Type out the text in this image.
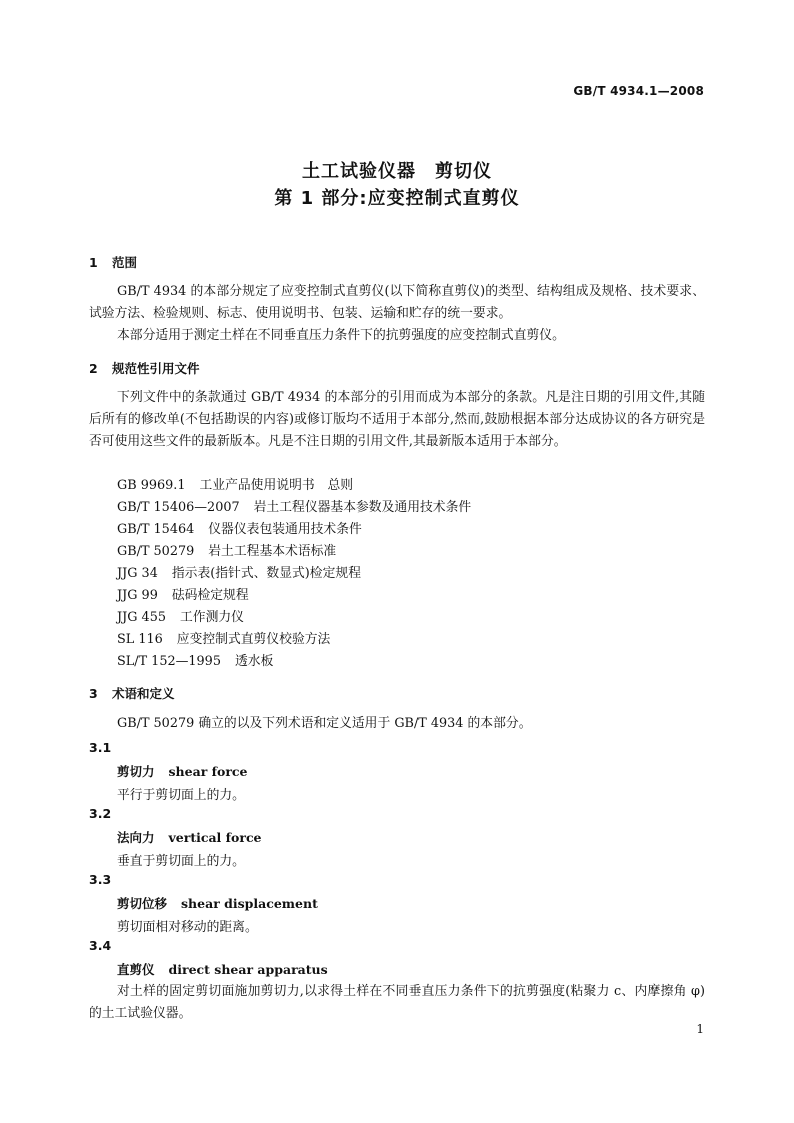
GB/T 4934.1—2008
土工试验仪器　剪切仪
第 1 部分:应变控制式直剪仪
1 范围
GB/T 4934 的本部分规定了应变控制式直剪仪(以下简称直剪仪)的类型、结构组成及规格、技术要求、试验方法、检验规则、标志、使用说明书、包装、运输和贮存的统一要求。
本部分适用于测定土样在不同垂直压力条件下的抗剪强度的应变控制式直剪仪。
2 规范性引用文件
下列文件中的条款通过 GB/T 4934 的本部分的引用而成为本部分的条款。凡是注日期的引用文件,其随后所有的修改单(不包括勘误的内容)或修订版均不适用于本部分,然而,鼓励根据本部分达成协议的各方研究是否可使用这些文件的最新版本。凡是不注日期的引用文件,其最新版本适用于本部分。
GB 9969.1 工业产品使用说明书　总则
GB/T 15406—2007 岩土工程仪器基本参数及通用技术条件
GB/T 15464 仪器仪表包装通用技术条件
GB/T 50279 岩土工程基本术语标准
JJG 34 指示表(指针式、数显式)检定规程
JJG 99 砝码检定规程
JJG 455 工作测力仪
SL 116 应变控制式直剪仪校验方法
SL/T 152—1995 透水板
3 术语和定义
GB/T 50279 确立的以及下列术语和定义适用于 GB/T 4934 的本部分。
3.1
剪切力 shear force
平行于剪切面上的力。
3.2
法向力 vertical force
垂直于剪切面上的力。
3.3
剪切位移 shear displacement
剪切面相对移动的距离。
3.4
直剪仪 direct shear apparatus
对土样的固定剪切面施加剪切力,以求得土样在不同垂直压力条件下的抗剪强度(粘聚力 c、内摩擦角 φ)的土工试验仪器。
1
